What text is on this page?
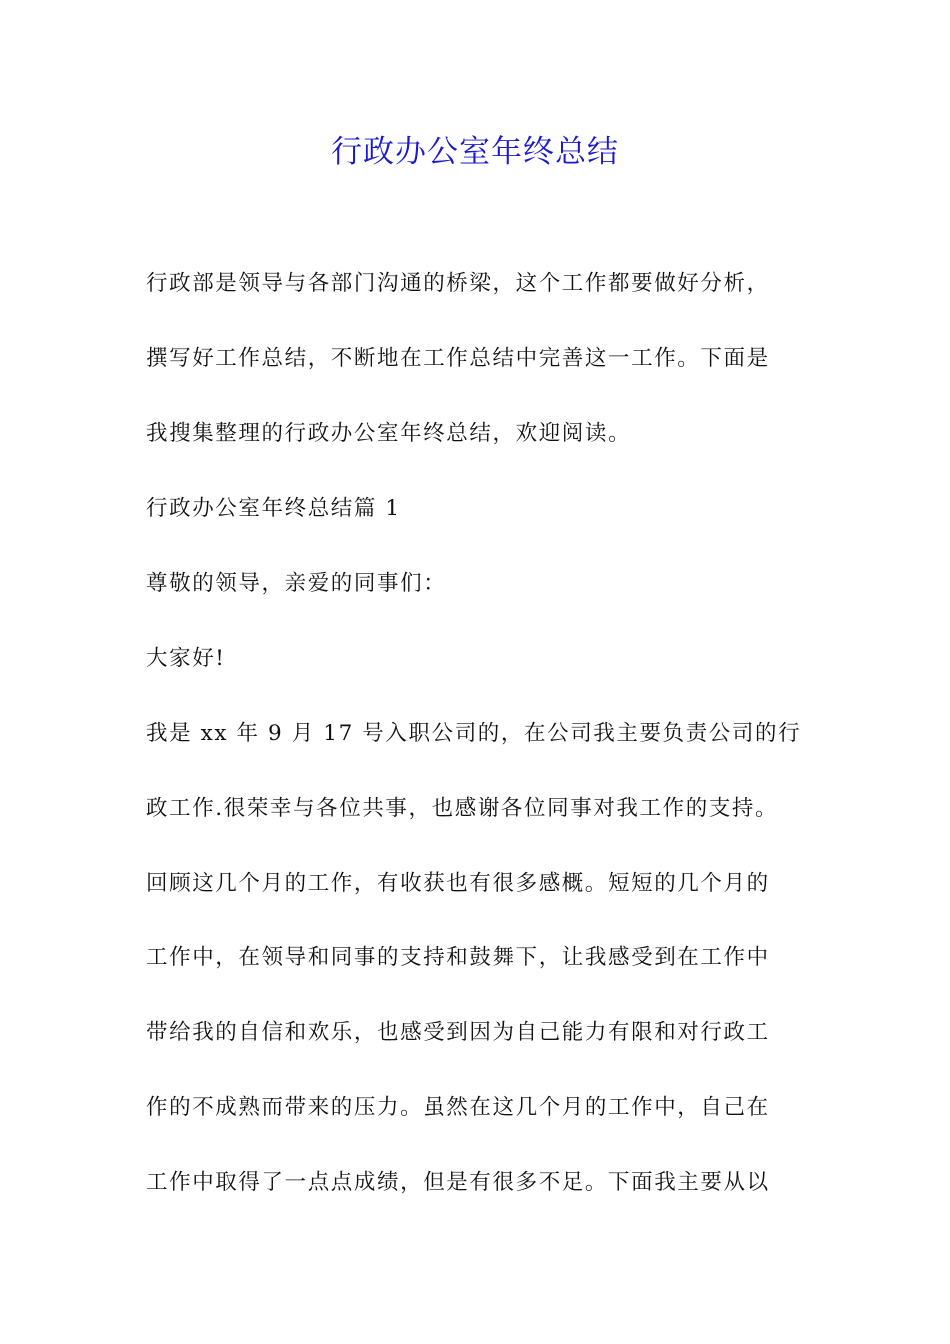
行政办公室年终总结

行政部是领导与各部门沟通的桥梁，这个工作都要做好分析，

撰写好工作总结，不断地在工作总结中完善这一工作。下面是

我搜集整理的行政办公室年终总结，欢迎阅读。

行政办公室年终总结篇 1

尊敬的领导，亲爱的同事们：

大家好!

我是 xx 年 9 月 17 号入职公司的，在公司我主要负责公司的行

政工作.很荣幸与各位共事，也感谢各位同事对我工作的支持。

回顾这几个月的工作，有收获也有很多感概。短短的几个月的

工作中，在领导和同事的支持和鼓舞下，让我感受到在工作中

带给我的自信和欢乐，也感受到因为自己能力有限和对行政工

作的不成熟而带来的压力。虽然在这几个月的工作中，自己在

工作中取得了一点点成绩，但是有很多不足。下面我主要从以
